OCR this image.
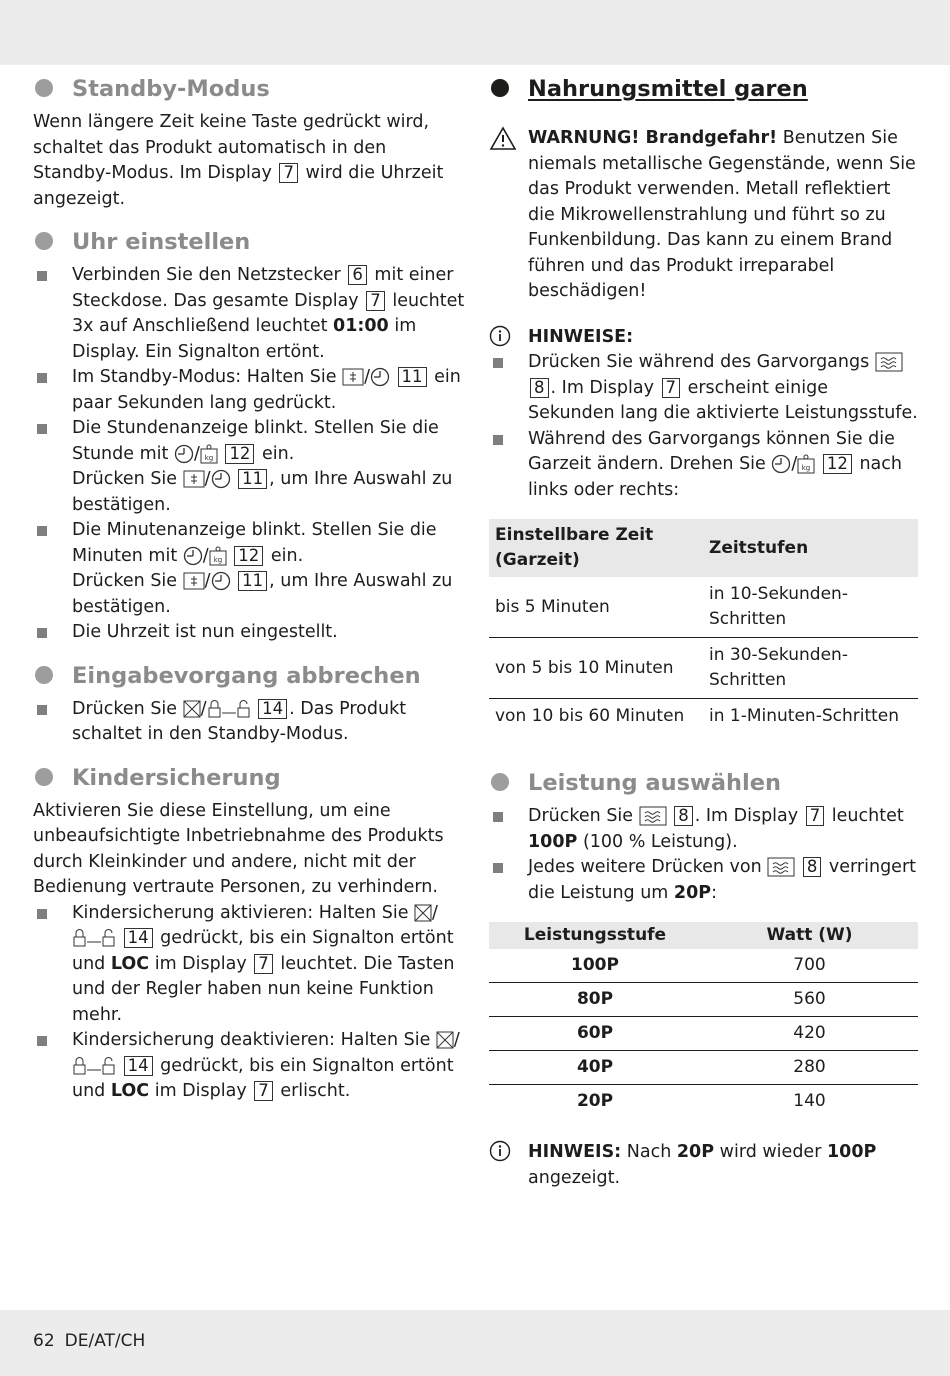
Standby-Modus

Wenn längere Zeit keine Taste gedrückt wird, schaltet das Produkt automatisch in den Standby-Modus. Im Display 7 wird die Uhrzeit angezeigt.

Uhr einstellen
Verbinden Sie den Netzstecker 6 mit einer Steckdose. Das gesamte Display 7 leuchtet 3x auf Anschließend leuchtet 01:00 im Display. Ein Signalton ertönt.
Im Standby-Modus: Halten Sie / 11 ein paar Sekunden lang gedrückt.
Die Stundenanzeige blinkt. Stellen Sie die Stunde mit / kg 12 ein.
Drücken Sie / 11 , um Ihre Auswahl zu bestätigen.
Die Minutenanzeige blinkt. Stellen Sie die Minuten mit / kg 12 ein.
Drücken Sie / 11 , um Ihre Auswahl zu bestätigen.
Die Uhrzeit ist nun eingestellt.
Eingabevorgang abbrechen
Drücken Sie /	14 . Das Produkt schaltet in den Standby-Modus.
Kindersicherung

Aktivieren Sie diese Einstellung, um eine unbeaufsichtigte Inbetriebnahme des Produkts durch Kleinkinder und andere, nicht mit der Bedienung vertraute Personen, zu verhindern.

Kindersicherung aktivieren: Halten Sie / 14 gedrückt, bis ein Signalton ertönt und LOC im Display 7 leuchtet. Die Tasten und der Regler haben nun keine Funktion mehr.
Kindersicherung deaktivieren: Halten Sie / 14 gedrückt, bis ein Signalton ertönt und LOC im Display 7 erlischt.
Nahrungsmittel garen
WARNUNG! Brandgefahr! Benutzen Sie niemals metallische Gegenstände, wenn Sie das Produkt verwenden. Metall reflektiert die Mikrowellenstrahlung und führt so zu Funkenbildung. Das kann zu einem Brand führen und das Produkt irreparabel beschädigen!
HINWEISE:
Drücken Sie während des Garvorgangs  8 . Im Display 7 erscheint einige Sekunden lang die aktivierte Leistungsstufe.
Während des Garvorgangs können Sie die Garzeit ändern. Drehen Sie / kg 12 nach links oder rechts:
Einstellbare Zeit (Garzeit)	Zeitstufen
bis 5 Minuten	in 10-Sekunden-Schritten
von 5 bis 10 Minuten	in 30-Sekunden-Schritten
von 10 bis 60 Minuten	in 1-Minuten-Schritten
Leistung auswählen
Drücken Sie	8 . Im Display 7 leuchtet 100P (100 % Leistung).
Jedes weitere Drücken von	8 verringert die Leistung um 20P:
Leistungsstufe	Watt (W)
100P	700
80P	560
60P	420
40P	280
20P	140
HINWEIS: Nach 20P wird wieder 100P angezeigt.
62 DE/AT/CH
